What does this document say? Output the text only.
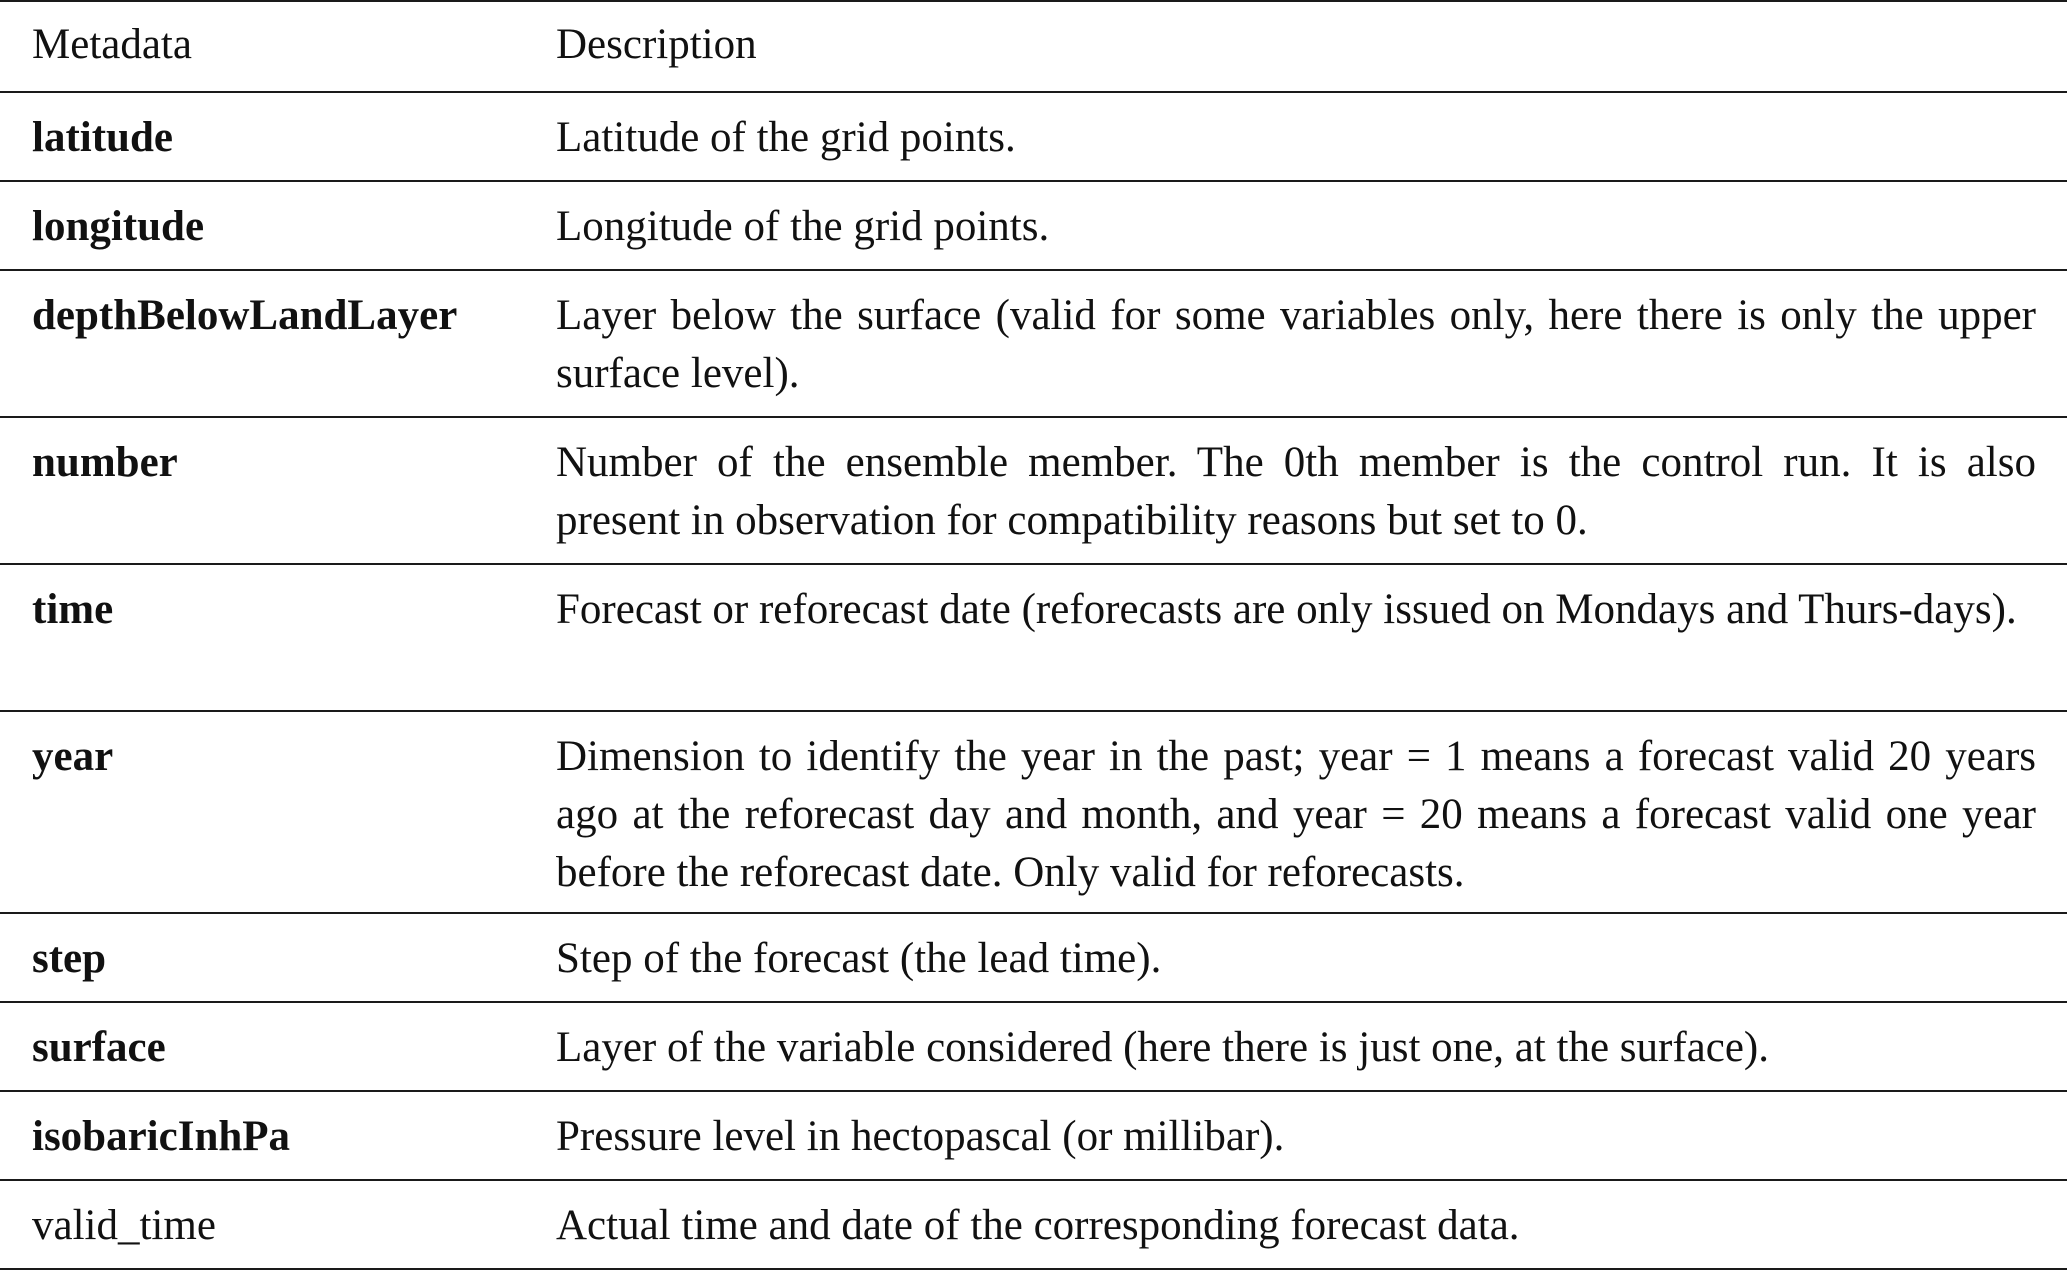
Metadata	Description
latitude	Latitude of the grid points.
longitude	Longitude of the grid points.
depthBelowLandLayer	Layer below the surface (valid for some variables only, here there is only the upper surface level).
number	Number of the ensemble member. The 0th member is the control run. It is also present in observation for compatibility reasons but set to 0.
time	Forecast or reforecast date (reforecasts are only issued on Mondays and Thurs-days).
year	Dimension to identify the year in the past; year = 1 means a forecast valid 20 years ago at the reforecast day and month, and year = 20 means a forecast valid one year before the reforecast date. Only valid for reforecasts.
step	Step of the forecast (the lead time).
surface	Layer of the variable considered (here there is just one, at the surface).
isobaricInhPa	Pressure level in hectopascal (or millibar).
valid_time	Actual time and date of the corresponding forecast data.
